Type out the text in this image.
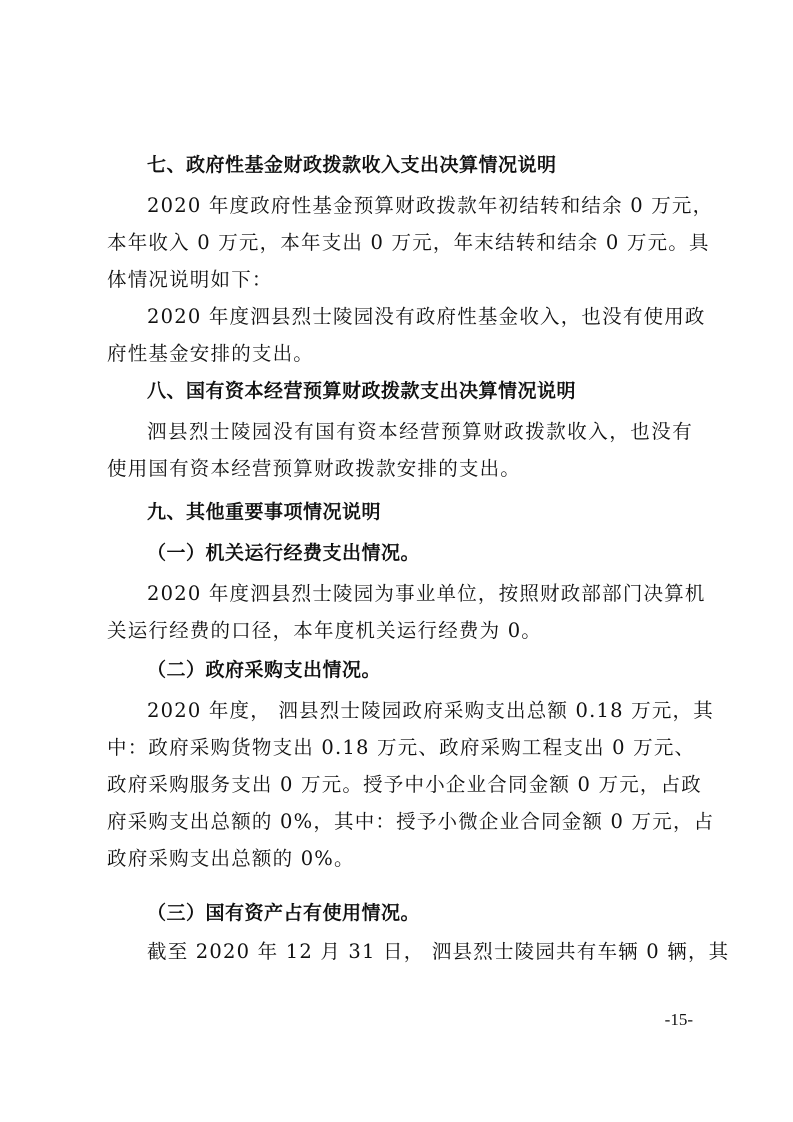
七、政府性基金财政拨款收入支出决算情况说明
2020 年度政府性基金预算财政拨款年初结转和结余 0 万元，
本年收入 0 万元，本年支出 0 万元，年末结转和结余 0 万元。具
体情况说明如下：
2020 年度泗县烈士陵园没有政府性基金收入，也没有使用政
府性基金安排的支出。
八、国有资本经营预算财政拨款支出决算情况说明
泗县烈士陵园没有国有资本经营预算财政拨款收入，也没有
使用国有资本经营预算财政拨款安排的支出。
九、其他重要事项情况说明
（一）机关运行经费支出情况。
2020 年度泗县烈士陵园为事业单位，按照财政部部门决算机
关运行经费的口径，本年度机关运行经费为 0。
（二）政府采购支出情况。
2020 年度， 泗县烈士陵园政府采购支出总额 0.18 万元，其
中：政府采购货物支出 0.18 万元、政府采购工程支出 0 万元、
政府采购服务支出 0 万元。授予中小企业合同金额 0 万元，占政
府采购支出总额的 0%，其中：授予小微企业合同金额 0 万元，占
政府采购支出总额的 0%。
（三）国有资产占有使用情况。
截至 2020 年 12 月 31 日， 泗县烈士陵园共有车辆 0 辆，其
-15-
